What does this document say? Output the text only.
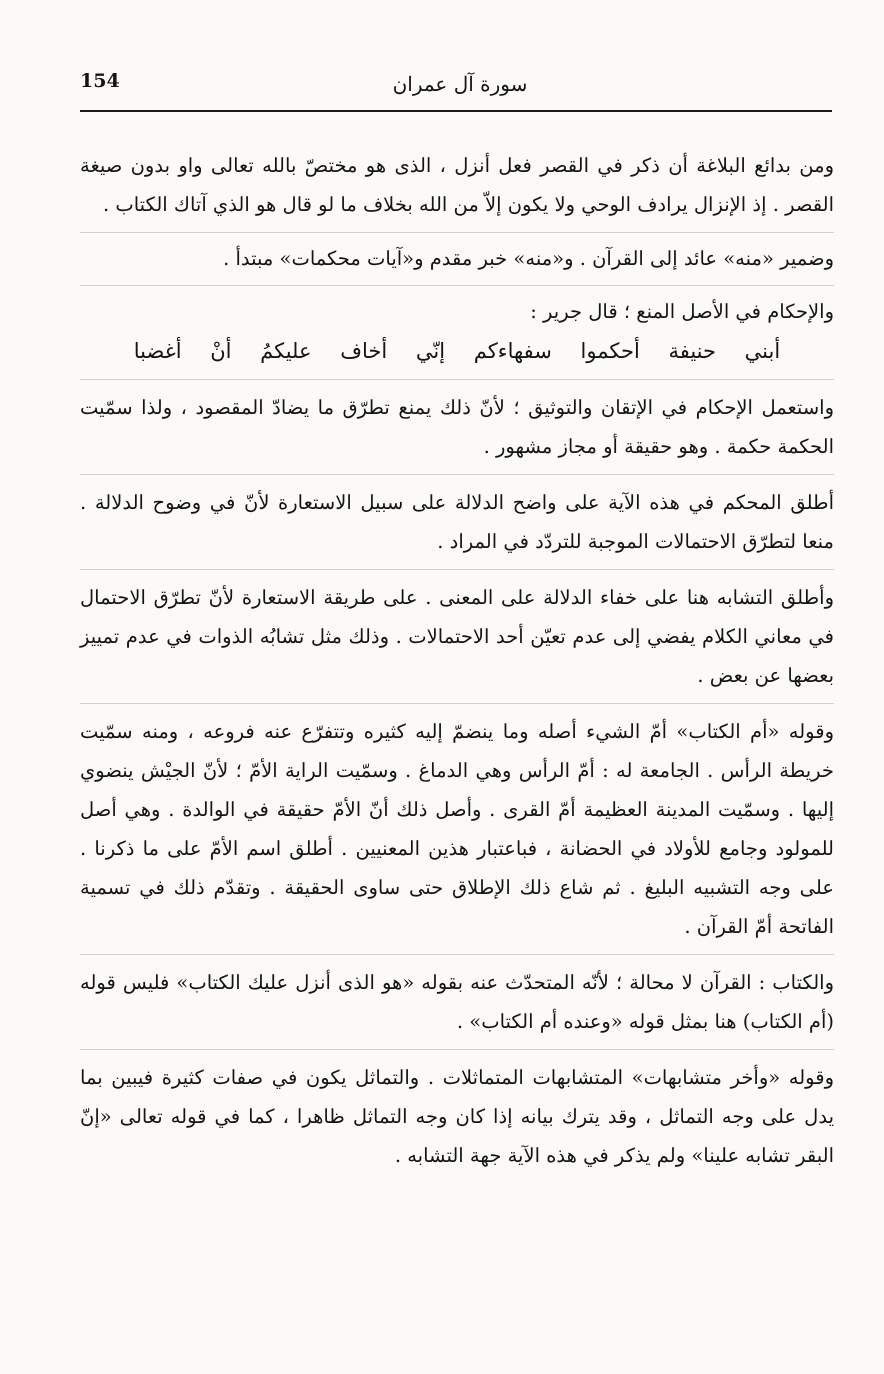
154	سورة آل عمران

ومن بدائع البلاغة أن ذكر في القصر فعل أنزل ، الذى هو مختصّ بالله تعالى واو بدون صيغة القصر . إذ الإنزال يرادف الوحي ولا يكون إلاّ من الله بخلاف ما لو قال هو الذي آتاك الكتاب .

وضمير «منه» عائد إلى القرآن . و«منه» خبر مقدم و«آيات محكمات» مبتدأ .

والإحكام في الأصل المنع ؛ قال جرير :

أبني حنيفة أحكموا سفهاءكم إنّي أخاف عليكمُ أنْ أغضبا

واستعمل الإحكام في الإتقان والتوثيق ؛ لأنّ ذلك يمنع تطرّق ما يضادّ المقصود ، ولذا سمّيت الحكمة حكمة . وهو حقيقة أو مجاز مشهور .

أطلق المحكم في هذه الآية على واضح الدلالة على سبيل الاستعارة لأنّ في وضوح الدلالة . منعا لتطرّق الاحتمالات الموجبة للتردّد في المراد .

وأطلق التشابه هنا على خفاء الدلالة على المعنى . على طريقة الاستعارة لأنّ تطرّق الاحتمال في معاني الكلام يفضي إلى عدم تعيّن أحد الاحتمالات . وذلك مثل تشابُه الذوات في عدم تمييز بعضها عن بعض .

وقوله «أم الكتاب» أمّ الشيء أصله وما ينضمّ إليه كثيره وتتفرّع عنه فروعه ، ومنه سمّيت خريطة الرأس . الجامعة له : أمّ الرأس وهي الدماغ . وسمّيت الراية الأمّ ؛ لأنّ الجيْش ينضوي إليها . وسمّيت المدينة العظيمة أمّ القرى . وأصل ذلك أنّ الأمّ حقيقة في الوالدة . وهي أصل للمولود وجامع للأولاد في الحضانة ، فباعتبار هذين المعنيين . أطلق اسم الأمّ على ما ذكرنا . على وجه التشبيه البليغ . ثم شاع ذلك الإطلاق حتى ساوى الحقيقة . وتقدّم ذلك في تسمية الفاتحة أمّ القرآن .

والكتاب : القرآن لا محالة ؛ لأنّه المتحدّث عنه بقوله «هو الذى أنزل عليك الكتاب» فليس قوله (أم الكتاب) هنا بمثل قوله «وعنده أم الكتاب» .

وقوله «وأخر متشابهات» المتشابهات المتماثلات . والتماثل يكون في صفات كثيرة فيبين بما يدل على وجه التماثل ، وقد يترك بيانه إذا كان وجه التماثل ظاهرا ، كما في قوله تعالى «إنّ البقر تشابه علينا» ولم يذكر في هذه الآية جهة التشابه .
